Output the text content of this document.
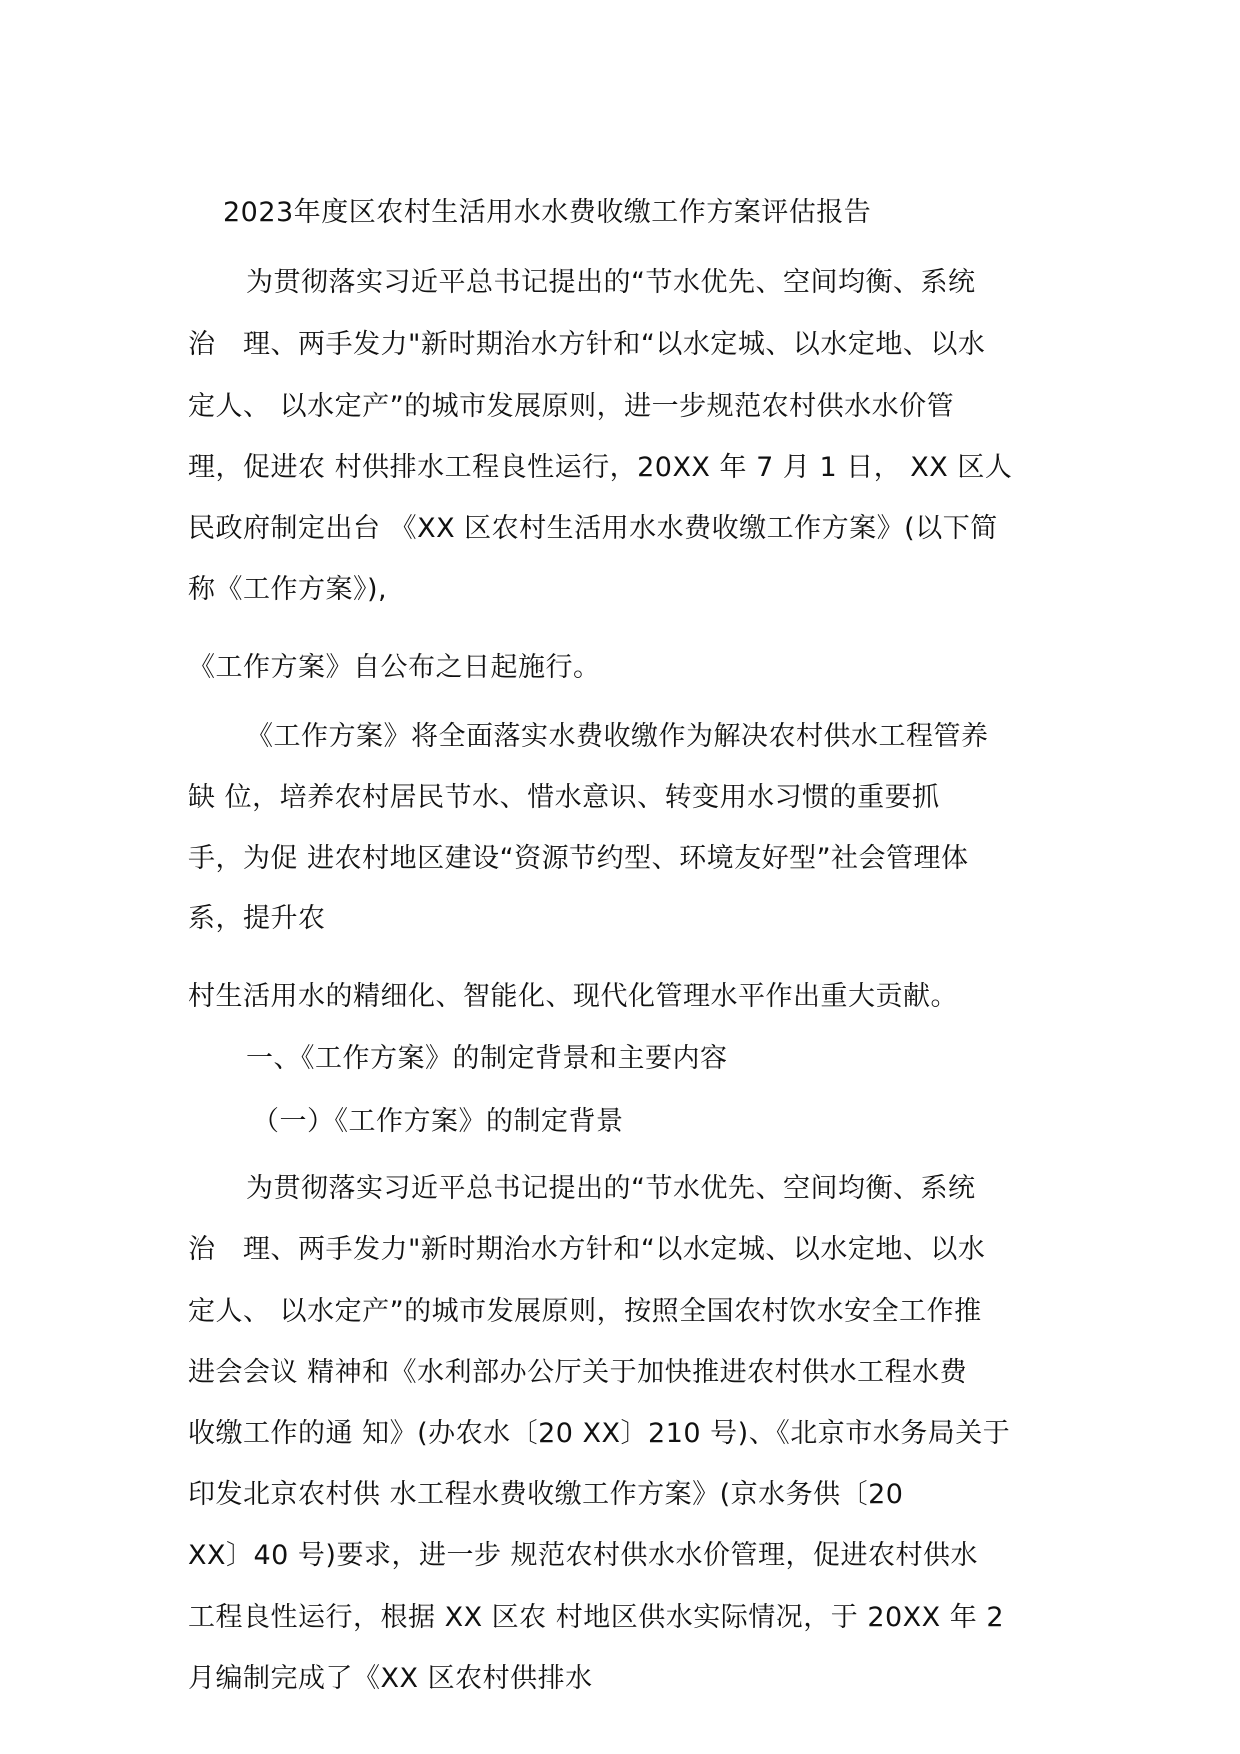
2023年度区农村生活用水水费收缴工作方案评估报告
为贯彻落实习近平总书记提出的“节水优先、空间均衡、系统
治　理、两手发力"新时期治水方针和“以水定城、以水定地、以水
定人、 以水定产”的城市发展原则，进一步规范农村供水水价管
理，促进农 村供排水工程良性运行，20XX 年 7 月 1 日， XX 区人
民政府制定出台 《XX 区农村生活用水水费收缴工作方案》(以下简
称《工作方案》),
《工作方案》自公布之日起施行。
《工作方案》将全面落实水费收缴作为解决农村供水工程管养
缺 位，培养农村居民节水、惜水意识、转变用水习惯的重要抓
手，为促 进农村地区建设“资源节约型、环境友好型”社会管理体
系，提升农
村生活用水的精细化、智能化、现代化管理水平作出重大贡献。
一、《工作方案》的制定背景和主要内容
（一）《工作方案》的制定背景
为贯彻落实习近平总书记提出的“节水优先、空间均衡、系统
治　理、两手发力"新时期治水方针和“以水定城、以水定地、以水
定人、 以水定产”的城市发展原则，按照全国农村饮水安全工作推
进会会议 精神和《水利部办公厅关于加快推进农村供水工程水费
收缴工作的通 知》(办农水〔20 XX〕210 号)、《北京市水务局关于
印发北京农村供 水工程水费收缴工作方案》(京水务供〔20
XX〕40 号)要求，进一步 规范农村供水水价管理，促进农村供水
工程良性运行，根据 XX 区农 村地区供水实际情况，于 20XX 年 2
月编制完成了《XX 区农村供排水
